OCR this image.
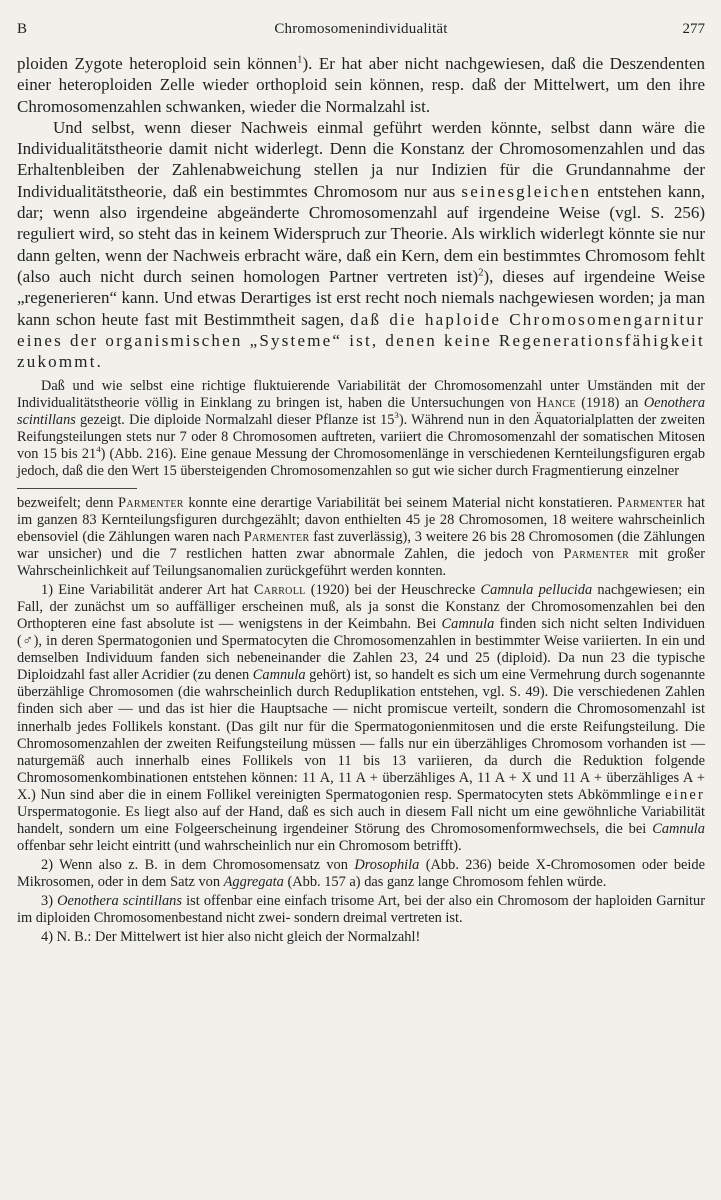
B	Chromosomenindividualität	277

ploiden Zygote heteroploid sein können$^1$). Er hat aber nicht nachgewiesen, daß die Deszendenten einer heteroploiden Zelle wieder orthoploid sein können, resp. daß der Mittelwert, um den ihre Chromosomenzahlen schwanken, wieder die Normalzahl ist.

Und selbst, wenn dieser Nachweis einmal geführt werden könnte, selbst dann wäre die Individualitätstheorie damit nicht widerlegt. Denn die Konstanz der Chromosomenzahlen und das Erhaltenbleiben der Zahlenabweichung stellen ja nur Indizien für die Grundannahme der Individualitätstheorie, daß ein bestimmtes Chromosom nur aus seinesgleichen entstehen kann, dar; wenn also irgendeine abgeänderte Chromosomenzahl auf irgendeine Weise (vgl. S. 256) reguliert wird, so steht das in keinem Widerspruch zur Theorie. Als wirklich widerlegt könnte sie nur dann gelten, wenn der Nachweis erbracht wäre, daß ein Kern, dem ein bestimmtes Chromosom fehlt (also auch nicht durch seinen homologen Partner vertreten ist)$^2$), dieses auf irgendeine Weise „regenerieren“ kann. Und etwas Derartiges ist erst recht noch niemals nachgewiesen worden; ja man kann schon heute fast mit Bestimmtheit sagen, daß die haploide Chromosomengarnitur eines der organismischen „Systeme“ ist, denen keine Regenerationsfähigkeit zukommt.

Daß und wie selbst eine richtige fluktuierende Variabilität der Chromosomenzahl unter Umständen mit der Individualitätstheorie völlig in Einklang zu bringen ist, haben die Untersuchungen von Hance (1918) an Oenothera scintillans gezeigt. Die diploide Normalzahl dieser Pflanze ist $15^3$). Während nun in den Äquatorialplatten der zweiten Reifungsteilungen stets nur 7 oder 8 Chromosomen auftreten, variiert die Chromosomenzahl der somatischen Mitosen von 15 bis $21^4$) (Abb. 216). Eine genaue Messung der Chromosomenlänge in verschiedenen Kernteilungsfiguren ergab jedoch, daß die den Wert 15 übersteigenden Chromosomenzahlen so gut wie sicher durch Fragmentierung einzelner

bezweifelt; denn Parmenter konnte eine derartige Variabilität bei seinem Material nicht konstatieren. Parmenter hat im ganzen 83 Kernteilungsfiguren durchgezählt; davon enthielten 45 je 28 Chromosomen, 18 weitere wahrscheinlich ebensoviel (die Zählungen waren nach Parmenter fast zuverlässig), 3 weitere 26 bis 28 Chromosomen (die Zählungen war unsicher) und die 7 restlichen hatten zwar abnormale Zahlen, die jedoch von Parmenter mit großer Wahrscheinlichkeit auf Teilungsanomalien zurückgeführt werden konnten.

1) Eine Variabilität anderer Art hat Carroll (1920) bei der Heuschrecke Camnula pellucida nachgewiesen; ein Fall, der zunächst um so auffälliger erscheinen muß, als ja sonst die Konstanz der Chromosomenzahlen bei den Orthopteren eine fast absolute ist — wenigstens in der Keimbahn. Bei Camnula finden sich nicht selten Individuen (♂), in deren Spermatogonien und Spermatocyten die Chromosomenzahlen in bestimmter Weise variierten. In ein und demselben Individuum fanden sich nebeneinander die Zahlen 23, 24 und 25 (diploid). Da nun 23 die typische Diploidzahl fast aller Acridier (zu denen Camnula gehört) ist, so handelt es sich um eine Vermehrung durch sogenannte überzählige Chromosomen (die wahrscheinlich durch Reduplikation entstehen, vgl. S. 49). Die verschiedenen Zahlen finden sich aber — und das ist hier die Hauptsache — nicht promiscue verteilt, sondern die Chromosomenzahl ist innerhalb jedes Follikels konstant. (Das gilt nur für die Spermatogonienmitosen und die erste Reifungsteilung. Die Chromosomenzahlen der zweiten Reifungsteilung müssen — falls nur ein überzähliges Chromosom vorhanden ist — naturgemäß auch innerhalb eines Follikels von 11 bis 13 variieren, da durch die Reduktion folgende Chromosomenkombinationen entstehen können: 11 A, 11 A + überzähliges A, 11 A + X und 11 A + überzähliges A + X.) Nun sind aber die in einem Follikel vereinigten Spermatogonien resp. Spermatocyten stets Abkömmlinge einer Urspermatogonie. Es liegt also auf der Hand, daß es sich auch in diesem Fall nicht um eine gewöhnliche Variabilität handelt, sondern um eine Folgeerscheinung irgendeiner Störung des Chromosomenformwechsels, die bei Camnula offenbar sehr leicht eintritt (und wahrscheinlich nur ein Chromosom betrifft).

2) Wenn also z. B. in dem Chromosomensatz von Drosophila (Abb. 236) beide X-Chromosomen oder beide Mikrosomen, oder in dem Satz von Aggregata (Abb. 157 a) das ganz lange Chromosom fehlen würde.

3) Oenothera scintillans ist offenbar eine einfach trisome Art, bei der also ein Chromosom der haploiden Garnitur im diploiden Chromosomenbestand nicht zwei- sondern dreimal vertreten ist.

4) N. B.: Der Mittelwert ist hier also nicht gleich der Normalzahl!
